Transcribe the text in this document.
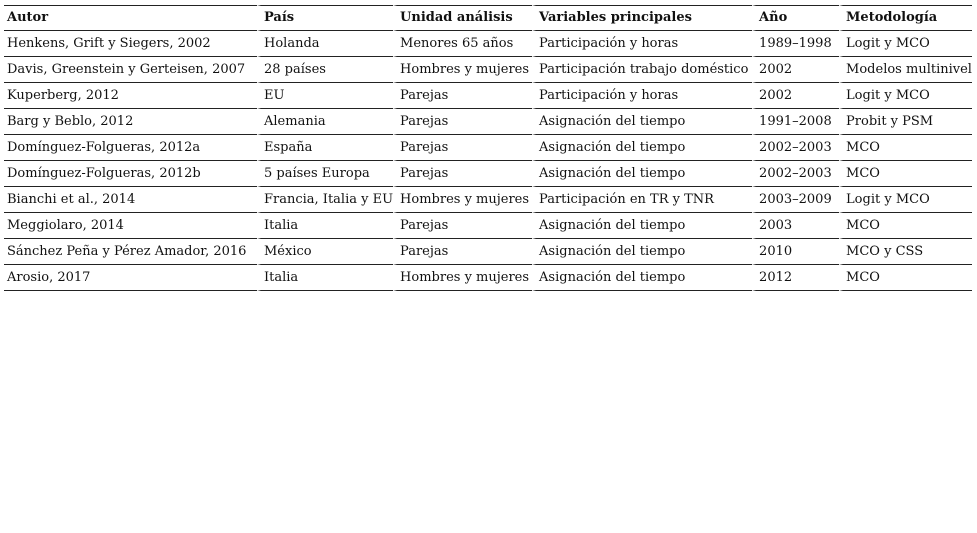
Autor	País	Unidad análisis	Variables principales	Año	Metodología
Henkens, Grift y Siegers, 2002	Holanda	Menores 65 años	Participación y horas	1989–1998	Logit y MCO
Davis, Greenstein y Gerteisen, 2007	28 países	Hombres y mujeres	Participación trabajo doméstico	2002	Modelos multinivel
Kuperberg, 2012	EU	Parejas	Participación y horas	2002	Logit y MCO
Barg y Beblo, 2012	Alemania	Parejas	Asignación del tiempo	1991–2008	Probit y PSM
Domínguez-Folgueras, 2012a	España	Parejas	Asignación del tiempo	2002–2003	MCO
Domínguez-Folgueras, 2012b	5 países Europa	Parejas	Asignación del tiempo	2002–2003	MCO
Bianchi et al., 2014	Francia, Italia y EU	Hombres y mujeres	Participación en TR y TNR	2003–2009	Logit y MCO
Meggiolaro, 2014	Italia	Parejas	Asignación del tiempo	2003	MCO
Sánchez Peña y Pérez Amador, 2016	México	Parejas	Asignación del tiempo	2010	MCO y CSS
Arosio, 2017	Italia	Hombres y mujeres	Asignación del tiempo	2012	MCO
